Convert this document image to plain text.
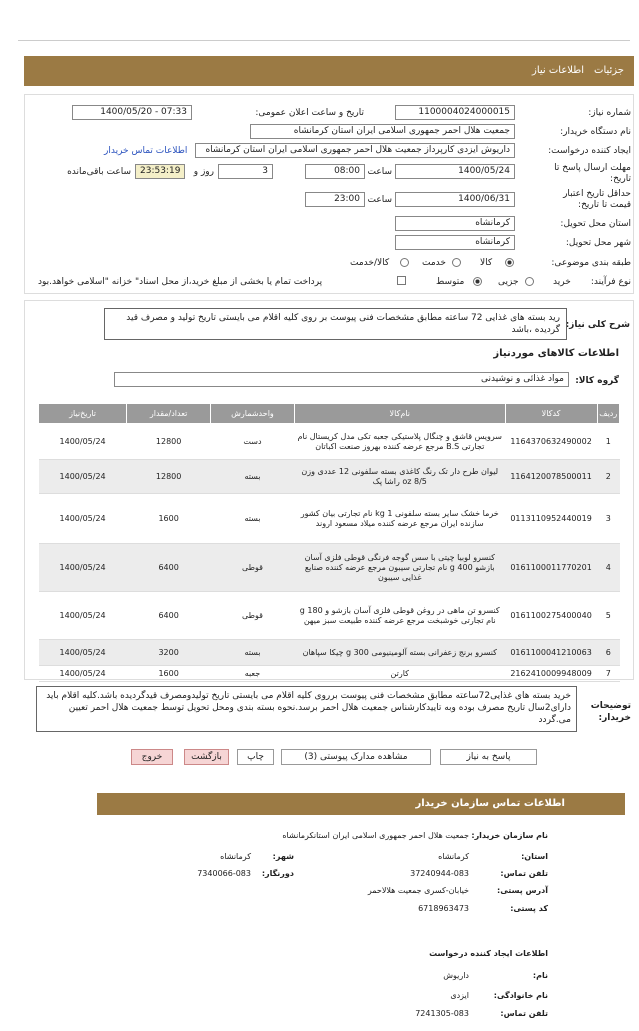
جزئیات
اطلاعات نیاز
شماره نیاز:
1100004024000015
تاریخ و ساعت اعلان عمومی:
1400/05/20 - 07:33
نام دستگاه خریدار:
جمعیت هلال احمر جمهوری اسلامی ایران استان کرمانشاه
ایجاد کننده درخواست:
داریوش ایزدی کارپرداز جمعیت هلال احمر جمهوری اسلامی ایران استان کرمانشاه
اطلاعات تماس خریدار
مهلت ارسال پاسخ تا تاریخ:
1400/05/24
ساعت
08:00
3
روز و
23:53:19
ساعت باقی‌مانده
حداقل تاریخ اعتبار قیمت تا تاریخ:
1400/06/31
ساعت
23:00
استان محل تحویل:
کرمانشاه
شهر محل تحویل:
کرمانشاه
طبقه بندی موضوعی:
کالا
خدمت
کالا/خدمت
نوع فرآیند:
خرید
جزیی
متوسط
پرداخت تمام یا بخشی از مبلغ خرید،از محل اسناد" خزانه "اسلامی خواهد.بود
شرح کلی نیاز:
رید بسته های غذایی 72 ساعته مطابق مشخصات فنی پیوست بر روی کلیه اقلام می بایستی تاریخ تولید و مصرف قید گردیده ،باشد
اطلاعات کالاهای موردنیاز
گروه کالا:
مواد غذائی و نوشیدنی
ردیف	کدکالا	نام‌کالا	واحدشمارش	تعداد/مقدار	تاریخ‌نیاز
1	1164370632490002	سرویس قاشق و چنگال پلاستیکی جعبه تکی مدل کریستال نام تجارتی B.S مرجع عرضه کننده بهروز صنعت اکباتان	دست	12800	1400/05/24
2	1164120078500011	لیوان طرح دار تک رنگ کاغذی بسته سلفونی 12 عددی وزن 8/5 oz راشا پک	بسته	12800	1400/05/24
3	0113110952440019	خرما خشک سایر بسته سلفونی 1 kg نام تجارتی بیان کشور سازنده ایران مرجع عرضه کننده میلاد مسعود اروند	بسته	1600	1400/05/24
4	0161100011770201	کنسرو لوبیا چیتی با سس گوجه فرنگی قوطی فلزی آسان بازشو 400 g نام تجارتی سیبون مرجع عرضه کننده صنایع غذایی سیبون	قوطی	6400	1400/05/24
5	0161100275400040	کنسرو تن ماهی در روغن قوطی فلزی آسان بازشو و 180 g نام تجارتی خوشبخت مرجع عرضه کننده طبیعت سبز میهن	قوطی	6400	1400/05/24
6	0161100041210063	کنسرو برنج زعفرانی بسته آلومینیومی 300 g چیکا سپاهان	بسته	3200	1400/05/24
7	2162410009948009	کارتن	جعبه	1600	1400/05/24
توضیحات خریدار:
خرید بسته های غذایی72ساعته مطابق مشخصات فنی پیوست برروی کلیه اقلام می بایستی تاریخ تولیدومصرف قیدگردیده باشد.کلیه اقلام باید دارای2سال تاریخ مصرف بوده وبه تاییدکارشناس جمعیت هلال احمر برسد.نحوه بسته بندی ومحل تحویل توسط جمعیت هلال احمر تعیین می.گردد
پاسخ به نیاز
مشاهده مدارک پیوستی (3)
چاپ
بازگشت
خروج
اطلاعات تماس سازمان خریدار
نام سازمان خریدار:
جمعیت هلال احمر جمهوری اسلامی ایران استانکرمانشاه
استان:
کرمانشاه
شهر:
کرمانشاه
تلفن تماس:
37240944-083
دورنگار:
7340066-083
آدرس پستی:
خیابان-کسری جمعیت هلالاحمر
کد پستی:
6718963473
اطلاعات ایجاد کننده درخواست
نام:
داریوش
نام خانوادگی:
ایزدی
تلفن تماس:
7241305-083
